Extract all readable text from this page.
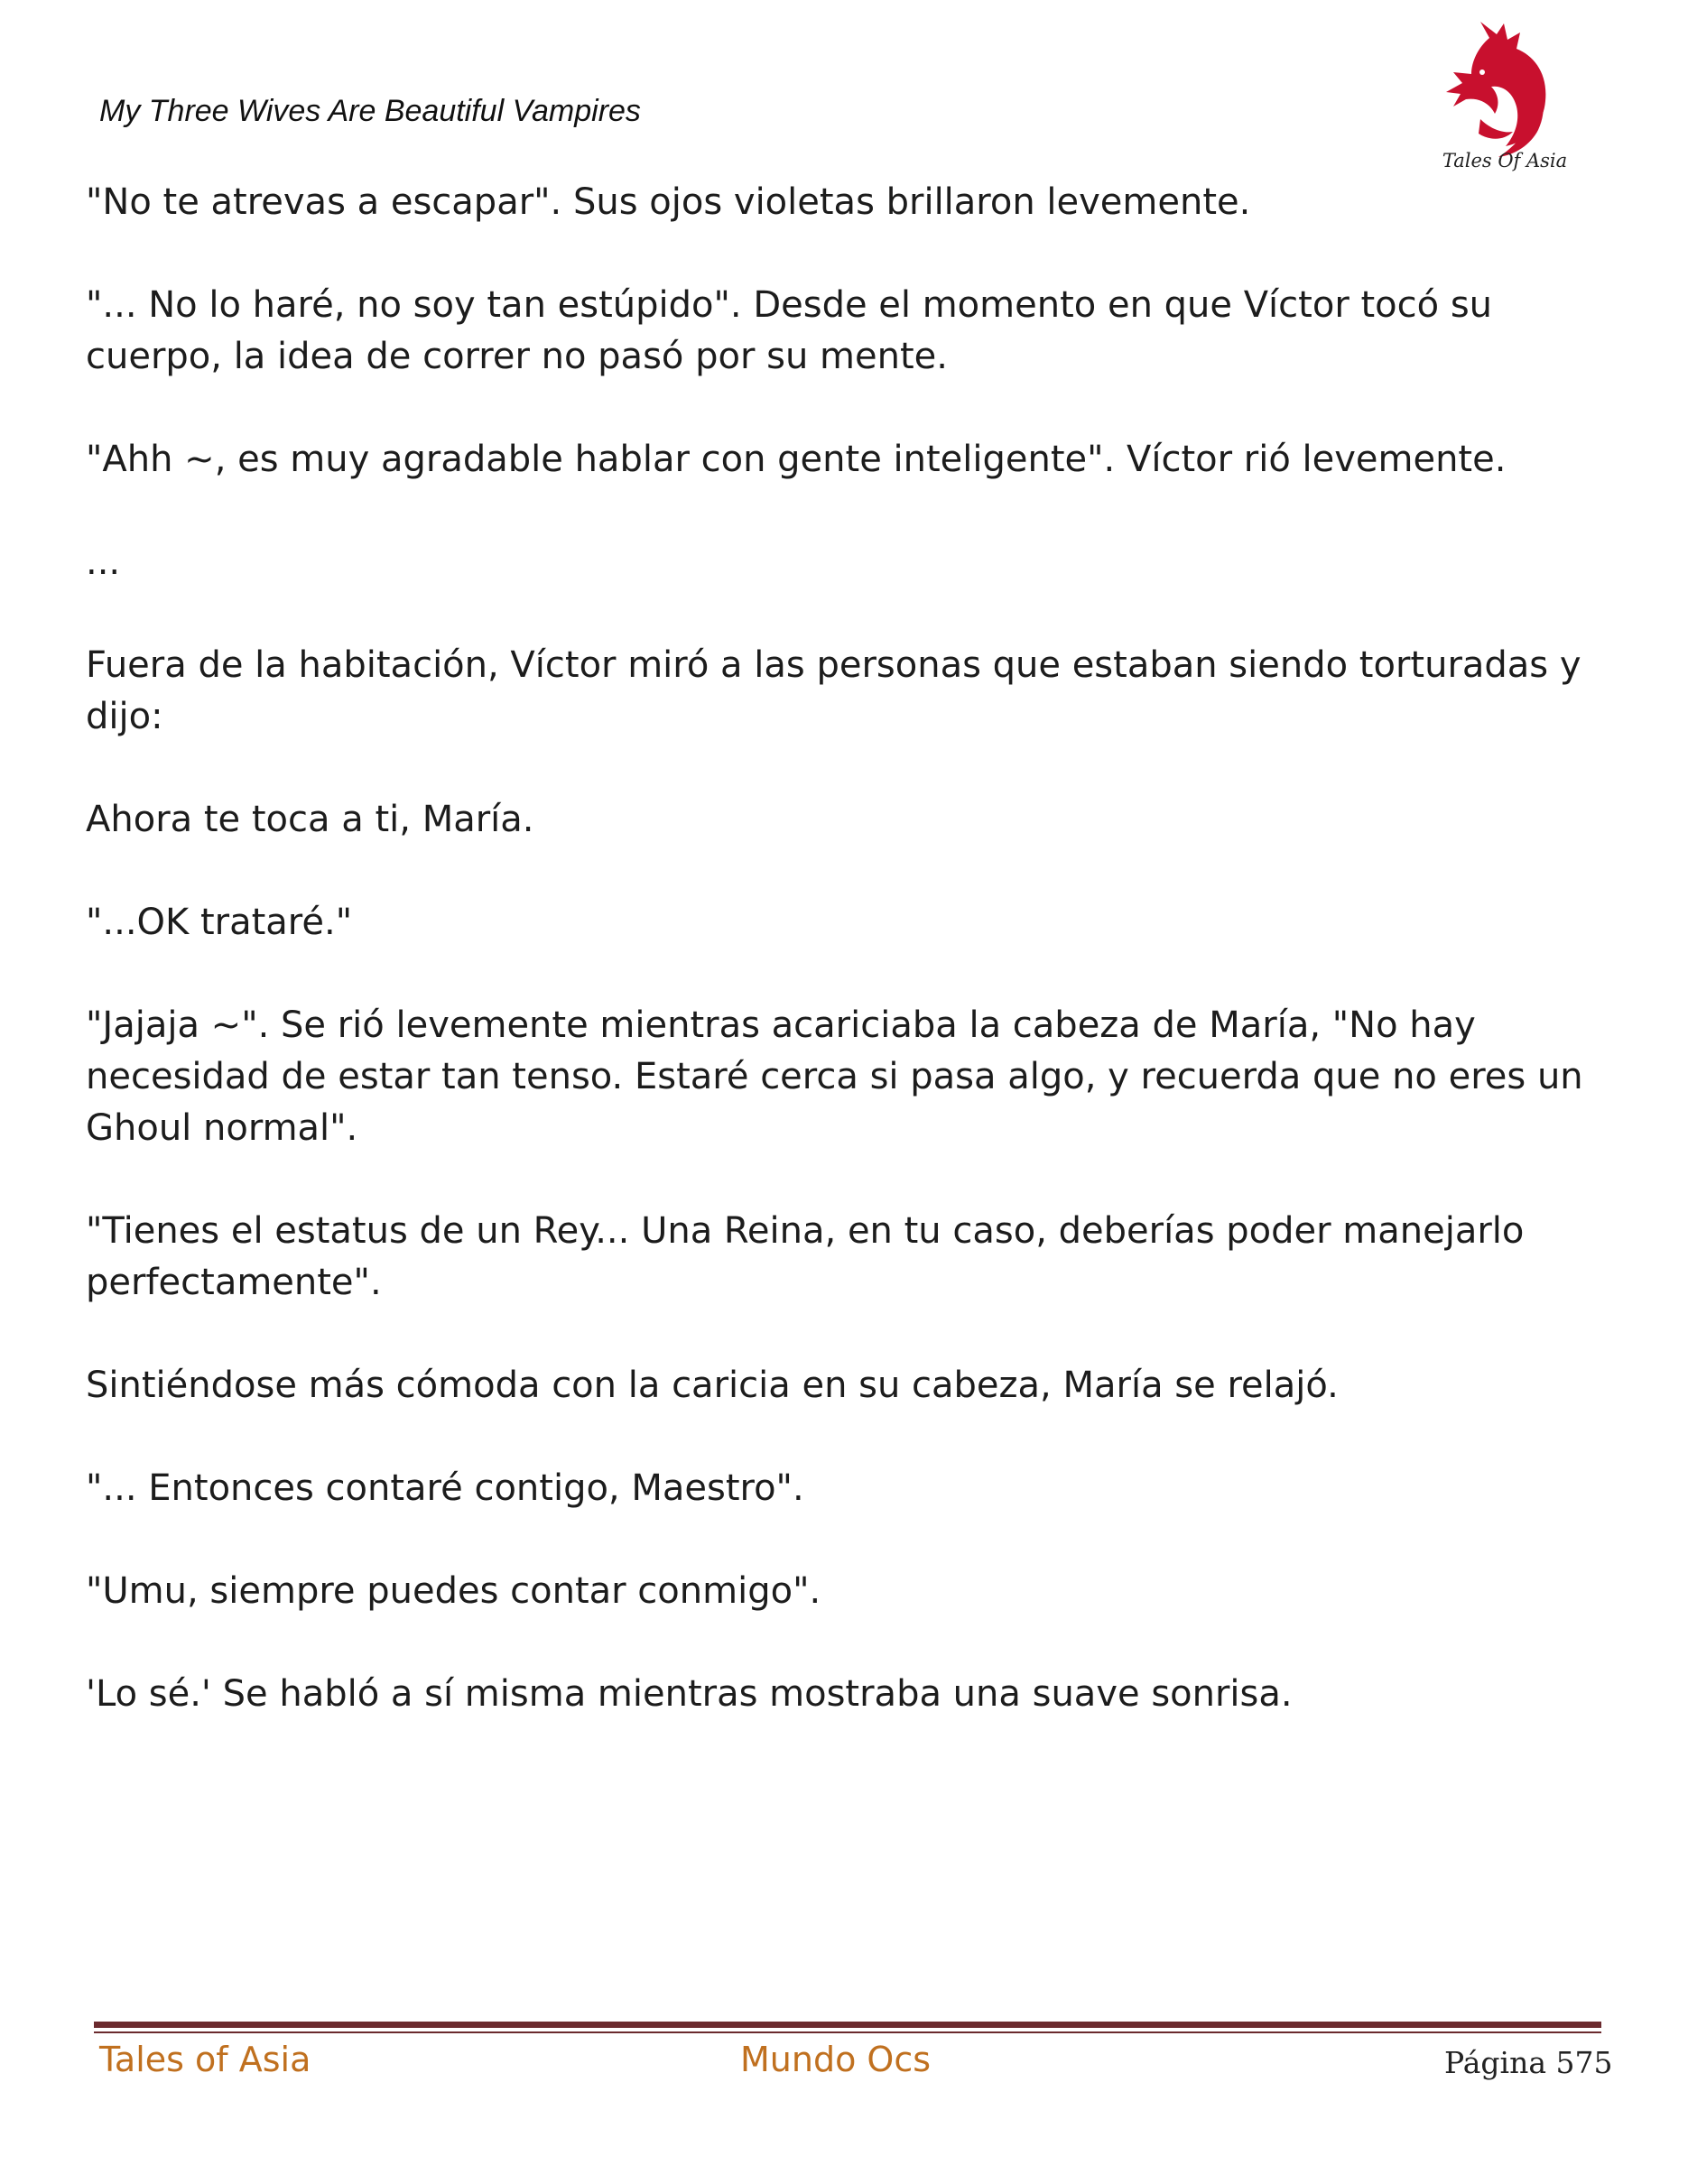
My Three Wives Are Beautiful Vampires
Tales Of Asia

"No te atrevas a escapar". Sus ojos violetas brillaron levemente.

"... No lo haré, no soy tan estúpido". Desde el momento en que Víctor tocó su cuerpo, la idea de correr no pasó por su mente.

"Ahh ~, es muy agradable hablar con gente inteligente". Víctor rió levemente.

...

Fuera de la habitación, Víctor miró a las personas que estaban siendo torturadas y dijo:

Ahora te toca a ti, María.

"...OK trataré."

"Jajaja ~". Se rió levemente mientras acariciaba la cabeza de María, "No hay necesidad de estar tan tenso. Estaré cerca si pasa algo, y recuerda que no eres un Ghoul normal".

"Tienes el estatus de un Rey... Una Reina, en tu caso, deberías poder manejarlo perfectamente".

Sintiéndose más cómoda con la caricia en su cabeza, María se relajó.

"... Entonces contaré contigo, Maestro".

"Umu, siempre puedes contar conmigo".

'Lo sé.' Se habló a sí misma mientras mostraba una suave sonrisa.

Tales of Asia	Mundo Ocs	Página 575
